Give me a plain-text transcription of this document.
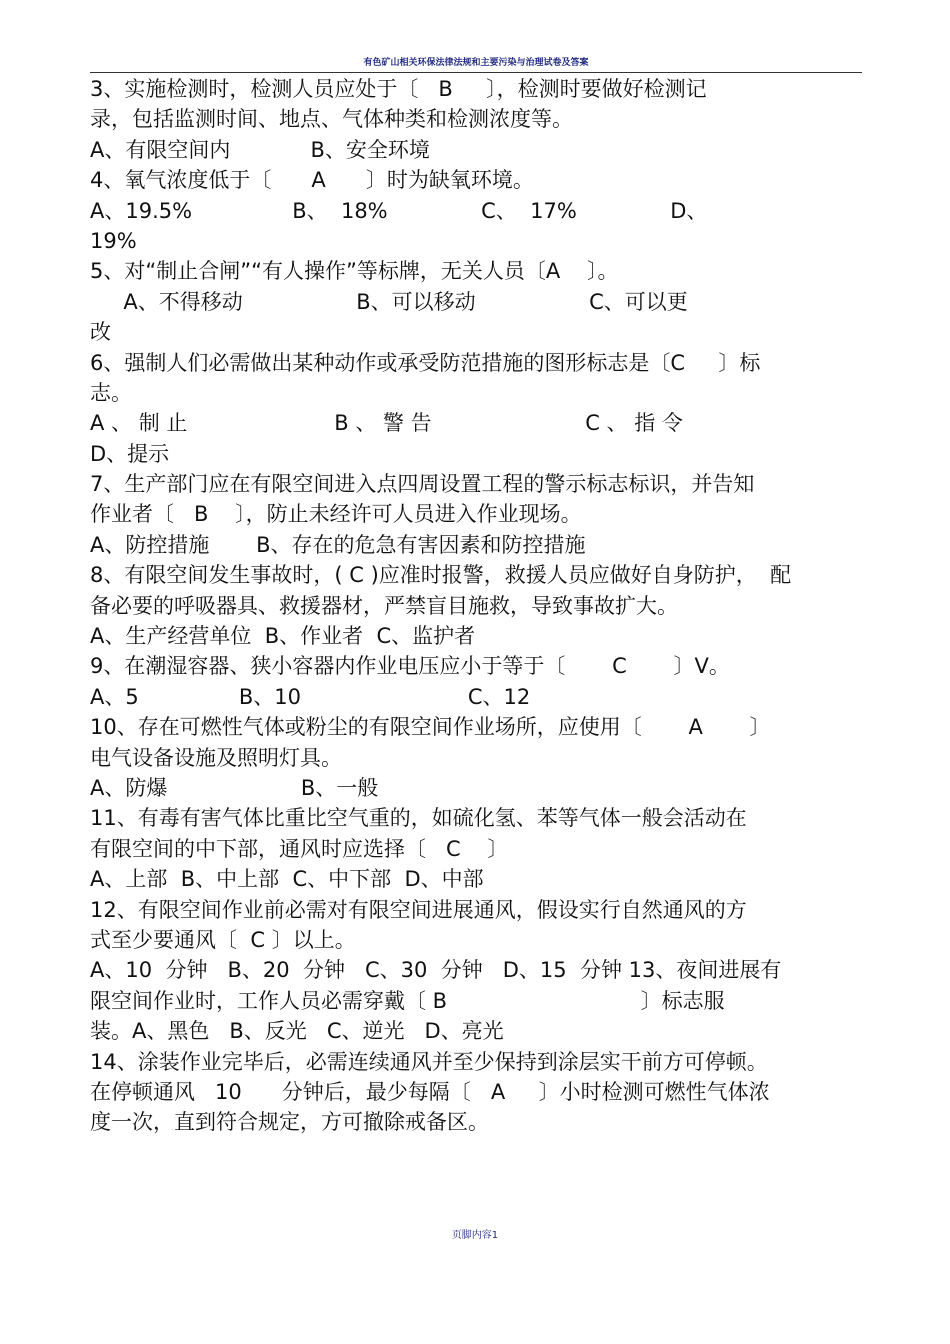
有色矿山相关环保法律法规和主要污染与治理试卷及答案
3、实施检测时，检测人员应处于〔   B     〕，检测时要做好检测记
录，包括监测时间、地点、气体种类和检测浓度等。
A、有限空间内            B、安全环境
4、氧气浓度低于〔      A      〕时为缺氧环境。
A、19.5%               B、  18%              C、  17%              D、
19%
5、对“制止合闸”“有人操作”等标牌，无关人员〔A    〕。
A、不得移动                 B、可以移动                 C、可以更
改
6、强制人们必需做出某种动作或承受防范措施的图形标志是〔C     〕标
志。
A 、 制 止                      B 、 警 告                       C 、 指 令
D、提示
7、生产部门应在有限空间进入点四周设置工程的警示标志标识，并告知
作业者〔   B    〕，防止未经许可人员进入作业现场。
A、防控措施       B、存在的危急有害因素和防控措施
8、有限空间发生事故时，( C )应准时报警，救援人员应做好自身防护，  配
备必要的呼吸器具、救援器材，严禁盲目施救，导致事故扩大。
A、生产经营单位  B、作业者  C、监护者
9、在潮湿容器、狭小容器内作业电压应小于等于〔       C       〕V。
A、5               B、10                         C、12
10、存在可燃性气体或粉尘的有限空间作业场所，应使用〔       A       〕
电气设备设施及照明灯具。
A、防爆                    B、一般
11、有毒有害气体比重比空气重的，如硫化氢、苯等气体一般会活动在
有限空间的中下部，通风时应选择〔   C    〕
A、上部  B、中上部  C、中下部  D、中部
12、有限空间作业前必需对有限空间进展通风，假设实行自然通风的方
式至少要通风〔  C 〕以上。
A、10  分钟   B、20  分钟   C、30  分钟   D、15  分钟 13、夜间进展有
限空间作业时，工作人员必需穿戴〔 B                             〕标志服
装。A、黑色   B、反光   C、逆光   D、亮光
14、涂装作业完毕后，必需连续通风并至少保持到涂层实干前方可停顿。
在停顿通风   10      分钟后，最少每隔〔   A     〕小时检测可燃性气体浓
度一次，直到符合规定，方可撤除戒备区。
页脚内容1
